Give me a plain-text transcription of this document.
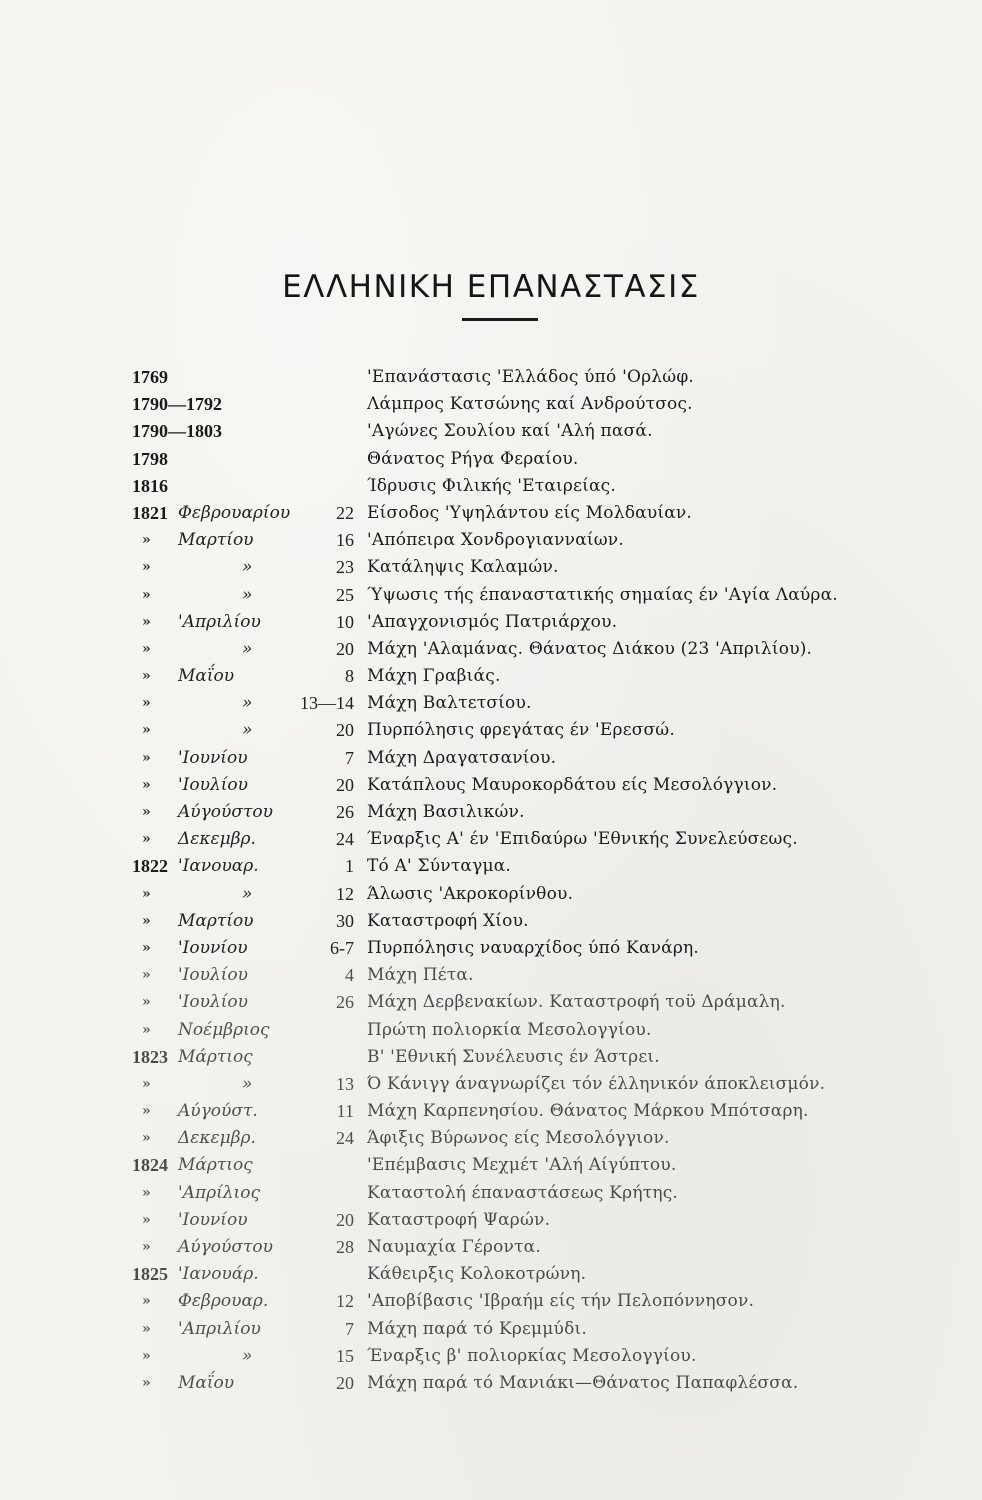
ΕΛΛΗΝΙΚΗ ΕΠΑΝΑΣΤΑΣΙΣ
1769	'Επανάστασις 'Ελλάδος ύπό 'Ορλώφ.
1790—1792	Λάμπρος Κατσώνης καί Ανδρούτσος.
1790—1803	'Αγώνες Σουλίου καί 'Αλή πασά.
1798	Θάνατος Ρήγα Φεραίου.
1816	Ίδρυσις Φιλικής 'Εταιρείας.
1821 Φεβρουαρίου	22 Είσοδος 'Υψηλάντου είς Μολδαυίαν.
» Μαρτίου	16 'Απόπειρα Χονδρογιανναίων.
»	»	23 Κατάληψις Καλαμών.
»	»	25 Ύψωσις τής έπαναστατικής σημαίας έν 'Αγία Λαύρα.
» 'Απριλίου	10 'Απαγχονισμός Πατριάρχου.
»	»	20 Μάχη 'Αλαμάνας. Θάνατος Διάκου (23 'Απριλίου).
» Μαΐου	8 Μάχη Γραβιάς.
»	»	13—14 Μάχη Βαλτετσίου.
»	»	20 Πυρπόλησις φρεγάτας έν 'Ερεσσώ.
» 'Ιουνίου	7 Μάχη Δραγατσανίου.
» 'Ιουλίου	20 Κατάπλους Μαυροκορδάτου είς Μεσολόγγιον.
» Αύγούστου	26 Μάχη Βασιλικών.
» Δεκεμβρ.	24 Έναρξις Α' έν 'Επιδαύρω 'Εθνικής Συνελεύσεως.
1822 'Ιανουαρ.	1 Τό Α' Σύνταγμα.
»	»	12 Άλωσις 'Ακροκορίνθου.
» Μαρτίου	30 Καταστροφή Χίου.
» 'Ιουνίου	6-7 Πυρπόλησις ναυαρχίδος ύπό Κανάρη.
» 'Ιουλίου	4 Μάχη Πέτα.
» 'Ιουλίου	26 Μάχη Δερβενακίων. Καταστροφή τοϋ Δράμαλη.
» Νοέμβριος	Πρώτη πολιορκία Μεσολογγίου.
1823 Μάρτιος	Β' 'Εθνική Συνέλευσις έν Άστρει.
»	»	13 Ό Κάνιγγ άναγνωρίζει τόν έλληνικόν άποκλεισμόν.
» Αύγούστ.	11 Μάχη Καρπενησίου. Θάνατος Μάρκου Μπότσαρη.
» Δεκεμβρ.	24 Άφιξις Βύρωνος είς Μεσολόγγιον.
1824 Μάρτιος	'Επέμβασις Μεχμέτ 'Αλή Αίγύπτου.
» 'Απρίλιος	Καταστολή έπαναστάσεως Κρήτης.
» 'Ιουνίου	20 Καταστροφή Ψαρών.
» Αύγούστου	28 Ναυμαχία Γέροντα.
1825 'Ιανουάρ.	Κάθειρξις Κολοκοτρώνη.
» Φεβρουαρ.	12 'Αποβίβασις 'Ιβραήμ είς τήν Πελοπόννησον.
» 'Απριλίου	7 Μάχη παρά τό Κρεμμύδι.
»	»	15 Έναρξις β' πολιορκίας Μεσολογγίου.
» Μαΐου	20 Μάχη παρά τό Μανιάκι—Θάνατος Παπαφλέσσα.
